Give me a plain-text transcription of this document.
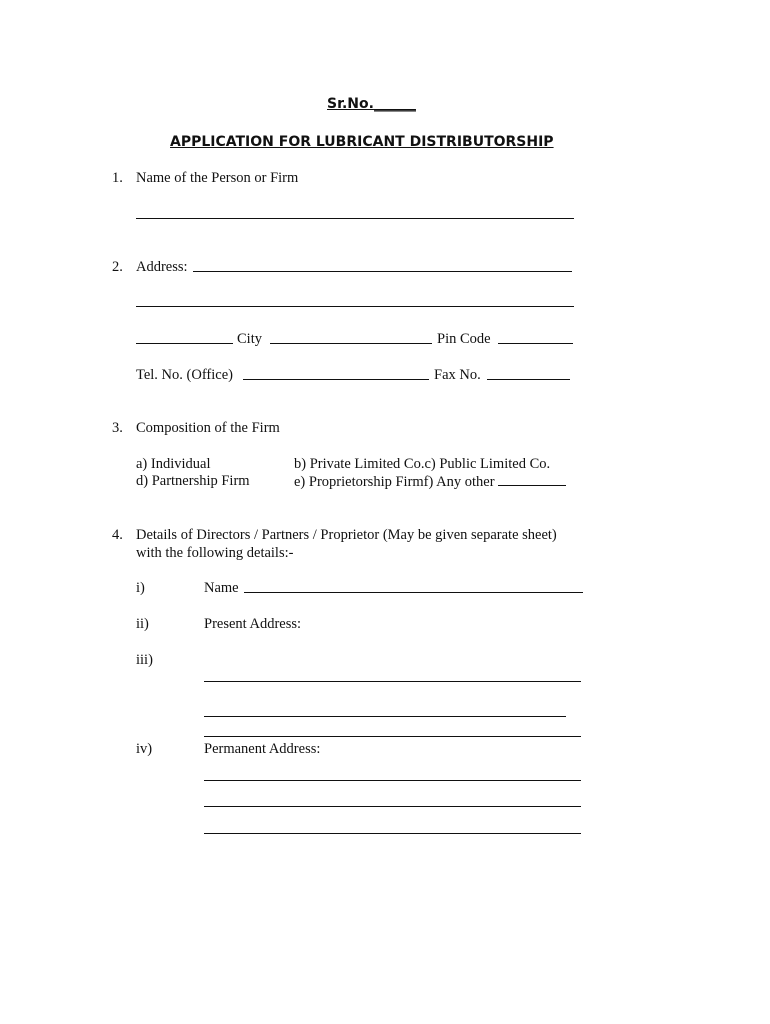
Sr.No.______
APPLICATION FOR LUBRICANT DISTRIBUTORSHIP
1. Name of the Person or Firm
2. Address:
City	Pin Code
Tel. No. (Office)	Fax No.
3. Composition of the Firm
a) Individual	b) Private Limited Co.c) Public Limited Co.
d) Partnership Firm	e) Proprietorship Firmf) Any other
4. Details of Directors / Partners / Proprietor (May be given separate sheet)
with the following details:-
i)	Name
ii)	Present Address:
iii)
iv)	Permanent Address:
